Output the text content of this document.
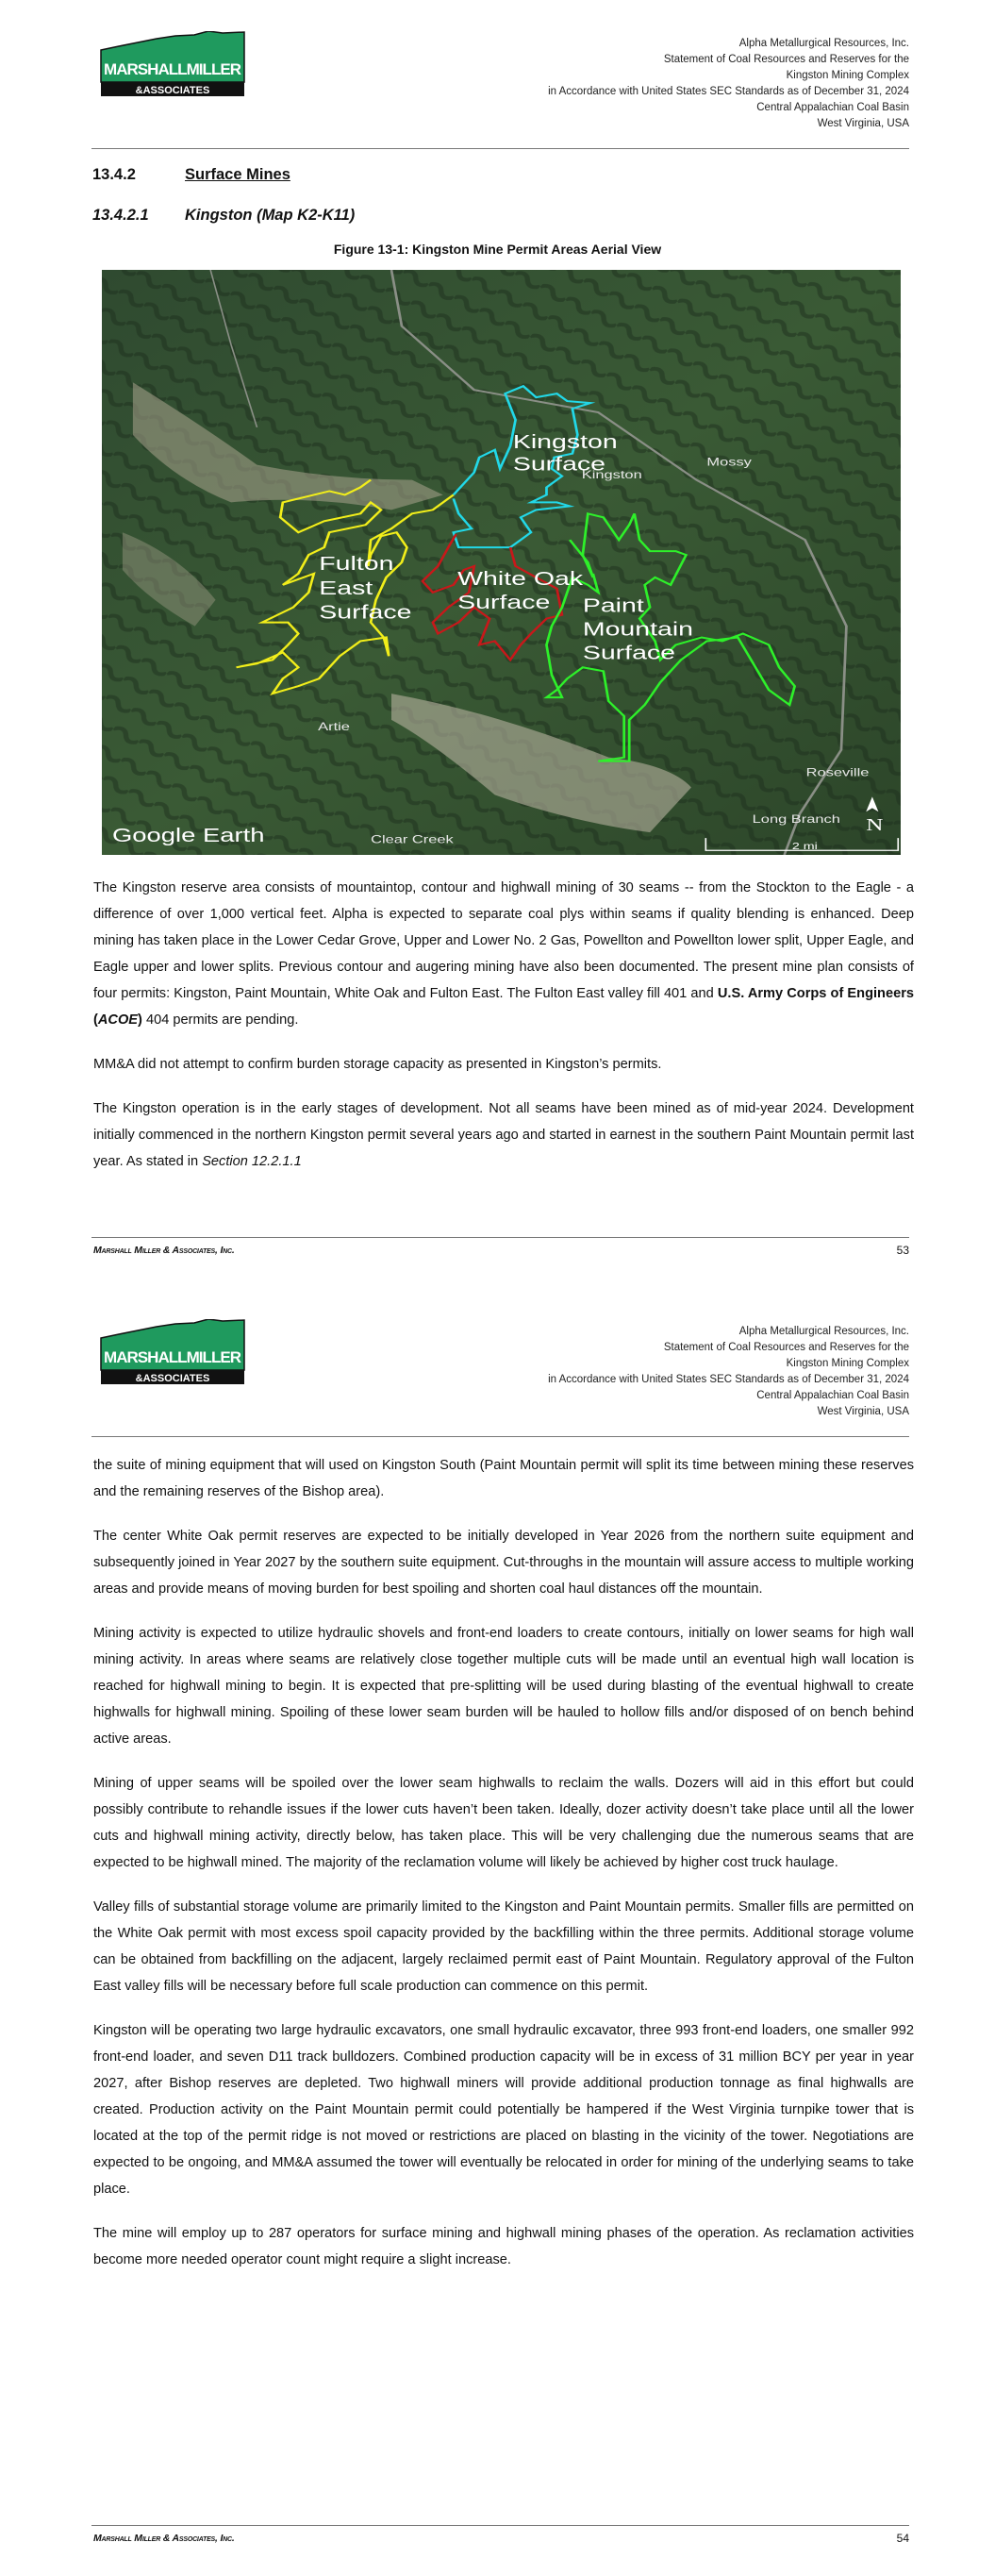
MARSHALLMILLER
&ASSOCIATES
Alpha Metallurgical Resources, Inc.
Statement of Coal Resources and Reserves for the
Kingston Mining Complex
in Accordance with United States SEC Standards as of December 31, 2024
Central Appalachian Coal Basin
West Virginia, USA
13.4.2	Surface Mines
13.4.2.1 Kingston (Map K2-K11)
Figure 13-1: Kingston Mine Permit Areas Aerial View
Kingston
Surface
Fulton
East
Surface
White Oak
Surface Paint
Mountain
Surface
Mossy
Kingston
Artie
Clear Creek
Roseville
Long Branch
Google Earth
N
2 mi

The Kingston reserve area consists of mountaintop, contour and highwall mining of 30 seams -- from the Stockton to the Eagle - a difference of over 1,000 vertical feet. Alpha is expected to separate coal plys within seams if quality blending is enhanced. Deep mining has taken place in the Lower Cedar Grove, Upper and Lower No. 2 Gas, Powellton and Powellton lower split, Upper Eagle, and Eagle upper and lower splits. Previous contour and augering mining have also been documented. The present mine plan consists of four permits: Kingston, Paint Mountain, White Oak and Fulton East. The Fulton East valley fill 401 and U.S. Army Corps of Engineers (ACOE) 404 permits are pending.

MM&A did not attempt to confirm burden storage capacity as presented in Kingston’s permits.

The Kingston operation is in the early stages of development. Not all seams have been mined as of mid-year 2024. Development initially commenced in the northern Kingston permit several years ago and started in earnest in the southern Paint Mountain permit last year. As stated in Section 12.2.1.1

Marshall Miller & Associates, Inc.	53
MARSHALLMILLER
&ASSOCIATES
Alpha Metallurgical Resources, Inc.
Statement of Coal Resources and Reserves for the
Kingston Mining Complex
in Accordance with United States SEC Standards as of December 31, 2024
Central Appalachian Coal Basin
West Virginia, USA

the suite of mining equipment that will used on Kingston South (Paint Mountain permit will split its time between mining these reserves and the remaining reserves of the Bishop area).

The center White Oak permit reserves are expected to be initially developed in Year 2026 from the northern suite equipment and subsequently joined in Year 2027 by the southern suite equipment. Cut-throughs in the mountain will assure access to multiple working areas and provide means of moving burden for best spoiling and shorten coal haul distances off the mountain.

Mining activity is expected to utilize hydraulic shovels and front-end loaders to create contours, initially on lower seams for high wall mining activity. In areas where seams are relatively close together multiple cuts will be made until an eventual high wall location is reached for highwall mining to begin. It is expected that pre-splitting will be used during blasting of the eventual highwall to create highwalls for highwall mining. Spoiling of these lower seam burden will be hauled to hollow fills and/or disposed of on bench behind active areas.

Mining of upper seams will be spoiled over the lower seam highwalls to reclaim the walls. Dozers will aid in this effort but could possibly contribute to rehandle issues if the lower cuts haven’t been taken. Ideally, dozer activity doesn’t take place until all the lower cuts and highwall mining activity, directly below, has taken place. This will be very challenging due the numerous seams that are expected to be highwall mined. The majority of the reclamation volume will likely be achieved by higher cost truck haulage.

Valley fills of substantial storage volume are primarily limited to the Kingston and Paint Mountain permits. Smaller fills are permitted on the White Oak permit with most excess spoil capacity provided by the backfilling within the three permits. Additional storage volume can be obtained from backfilling on the adjacent, largely reclaimed permit east of Paint Mountain. Regulatory approval of the Fulton East valley fills will be necessary before full scale production can commence on this permit.

Kingston will be operating two large hydraulic excavators, one small hydraulic excavator, three 993 front-end loaders, one smaller 992 front-end loader, and seven D11 track bulldozers. Combined production capacity will be in excess of 31 million BCY per year in year 2027, after Bishop reserves are depleted. Two highwall miners will provide additional production tonnage as final highwalls are created. Production activity on the Paint Mountain permit could potentially be hampered if the West Virginia turnpike tower that is located at the top of the permit ridge is not moved or restrictions are placed on blasting in the vicinity of the tower. Negotiations are expected to be ongoing, and MM&A assumed the tower will eventually be relocated in order for mining of the underlying seams to take place.

The mine will employ up to 287 operators for surface mining and highwall mining phases of the operation. As reclamation activities become more needed operator count might require a slight increase.

Marshall Miller & Associates, Inc.	54
